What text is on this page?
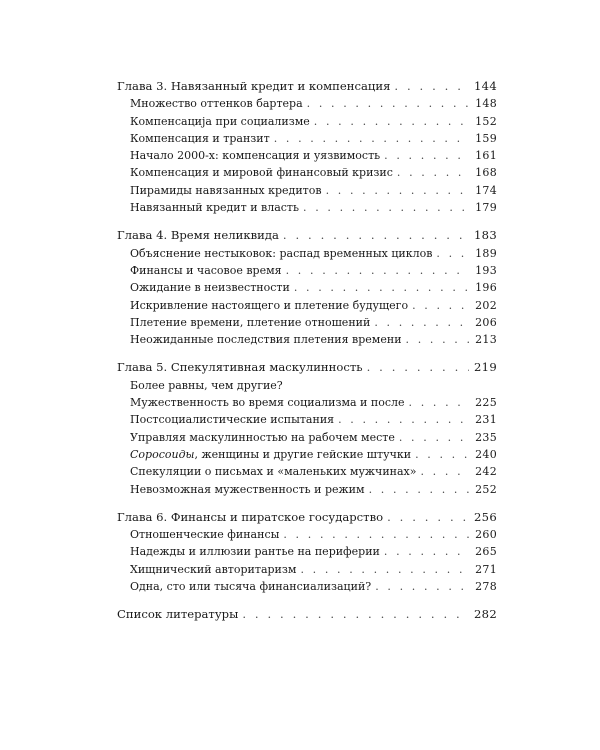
Глава 3. Навязанный кредит и компенсация . . .	144
Множество оттенков бартера . . .	148
Компенсација при социализме . . .	152
Компенсация и транзит . . .	159
Начало 2000-х: компенсация и уязвимость . . .	161
Компенсация и мировой финансовый кризис . . .	168
Пирамиды навязанных кредитов . . .	174
Навязанный кредит и власть . . .	179
Глава 4. Время неликвида . . .	183
Объяснение нестыковок: распад временных циклов . . .	189
Финансы и часовое время . . .	193
Ожидание в неизвестности . . .	196
Искривление настоящего и плетение будущего . . .	202
Плетение времени, плетение отношений . . .	206
Неожиданные последствия плетения времени . . .	213
Глава 5. Спекулятивная маскулинность . . .	219
Более равны, чем другие?
Мужественность во время социализма и после . . .	225
Постсоциалистические испытания . . .	231
Управляя маскулинностью на рабочем месте . . .	235
Соросоиды, женщины и другие гейские штучки . . .	240
Спекуляции о письмах и «маленьких мужчинах» . . .	242
Невозможная мужественность и режим . . .	252
Глава 6. Финансы и пиратское государство . . .	256
Отношенческие финансы . . .	260
Надежды и иллюзии рантье на периферии . . .	265
Хищнический авторитаризм . . .	271
Одна, сто или тысяча финансиализаций? . . .	278
Список литературы . . .	282
